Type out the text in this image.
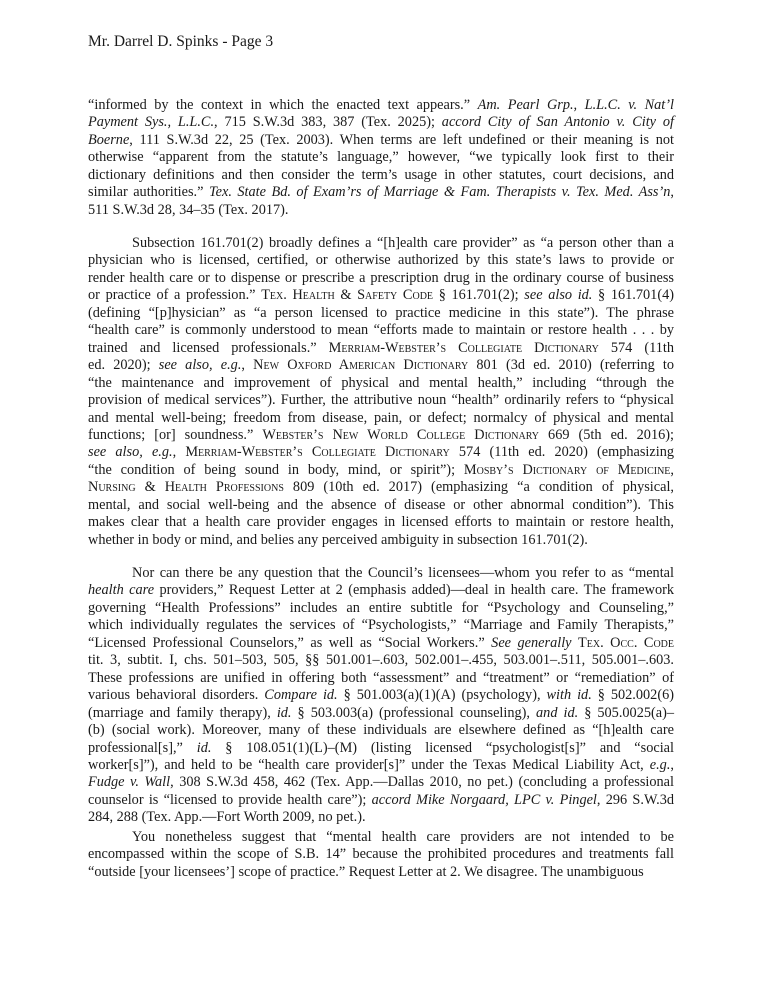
Mr. Darrel D. Spinks - Page 3
“informed by the context in which the enacted text appears.” Am. Pearl Grp., L.L.C. v. Nat’l
Payment Sys., L.L.C., 715 S.W.3d 383, 387 (Tex. 2025); accord City of San Antonio v. City of
Boerne, 111 S.W.3d 22, 25 (Tex. 2003). When terms are left undefined or their meaning is not
otherwise “apparent from the statute’s language,” however, “we typically look first to their
dictionary definitions and then consider the term’s usage in other statutes, court decisions, and
similar authorities.” Tex. State Bd. of Exam’rs of Marriage & Fam. Therapists v. Tex. Med. Ass’n,
511 S.W.3d 28, 34–35 (Tex. 2017).
Subsection 161.701(2) broadly defines a “[h]ealth care provider” as “a person other than a
physician who is licensed, certified, or otherwise authorized by this state’s laws to provide or
render health care or to dispense or prescribe a prescription drug in the ordinary course of business
or practice of a profession.” Tex. Health & Safety Code § 161.701(2); see also id. § 161.701(4)
(defining “[p]hysician” as “a person licensed to practice medicine in this state”). The phrase
“health care” is commonly understood to mean “efforts made to maintain or restore health . . . by
trained and licensed professionals.” Merriam-Webster’s Collegiate Dictionary 574 (11th
ed. 2020); see also, e.g., New Oxford American Dictionary 801 (3d ed. 2010) (referring to
“the maintenance and improvement of physical and mental health,” including “through the
provision of medical services”). Further, the attributive noun “health” ordinarily refers to “physical
and mental well-being; freedom from disease, pain, or defect; normalcy of physical and mental
functions; [or] soundness.” Webster’s New World College Dictionary 669 (5th ed. 2016);
see also, e.g., Merriam-Webster’s Collegiate Dictionary 574 (11th ed. 2020) (emphasizing
“the condition of being sound in body, mind, or spirit”); Mosby’s Dictionary of Medicine,
Nursing & Health Professions 809 (10th ed. 2017) (emphasizing “a condition of physical,
mental, and social well-being and the absence of disease or other abnormal condition”). This
makes clear that a health care provider engages in licensed efforts to maintain or restore health,
whether in body or mind, and belies any perceived ambiguity in subsection 161.701(2).
Nor can there be any question that the Council’s licensees—whom you refer to as “mental
health care providers,” Request Letter at 2 (emphasis added)—deal in health care. The framework
governing “Health Professions” includes an entire subtitle for “Psychology and Counseling,”
which individually regulates the services of “Psychologists,” “Marriage and Family Therapists,”
“Licensed Professional Counselors,” as well as “Social Workers.” See generally Tex. Occ. Code
tit. 3, subtit. I, chs. 501–503, 505, §§ 501.001–.603, 502.001–.455, 503.001–.511, 505.001–.603.
These professions are unified in offering both “assessment” and “treatment” or “remediation” of
various behavioral disorders. Compare id. § 501.003(a)(1)(A) (psychology), with id. § 502.002(6)
(marriage and family therapy), id. § 503.003(a) (professional counseling), and id. § 505.0025(a)–
(b) (social work). Moreover, many of these individuals are elsewhere defined as “[h]ealth care
professional[s],” id. § 108.051(1)(L)–(M) (listing licensed “psychologist[s]” and “social
worker[s]”), and held to be “health care provider[s]” under the Texas Medical Liability Act, e.g.,
Fudge v. Wall, 308 S.W.3d 458, 462 (Tex. App.—Dallas 2010, no pet.) (concluding a professional
counselor is “licensed to provide health care”); accord Mike Norgaard, LPC v. Pingel, 296 S.W.3d
284, 288 (Tex. App.—Fort Worth 2009, no pet.).
You nonetheless suggest that “mental health care providers are not intended to be
encompassed within the scope of S.B. 14” because the prohibited procedures and treatments fall
“outside [your licensees’] scope of practice.” Request Letter at 2. We disagree. The unambiguous
